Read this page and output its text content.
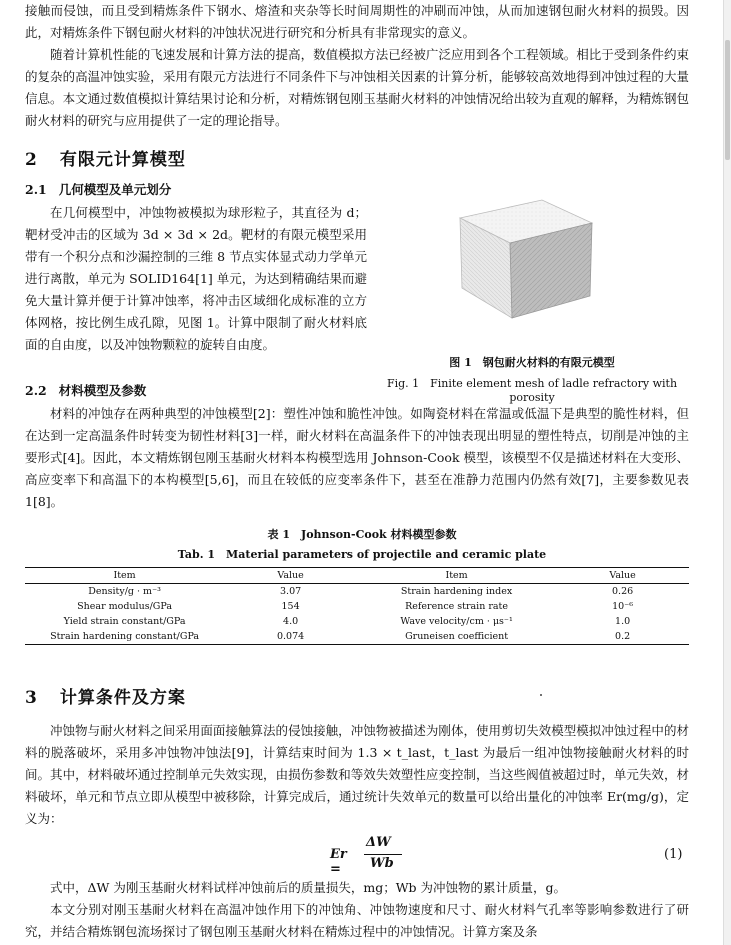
接触而侵蚀，而且受到精炼条件下钢水、熔渣和夹杂等长时间周期性的冲刷而冲蚀，从而加速钢包耐火材料的损毁。因此，对精炼条件下钢包耐火材料的冲蚀状况进行研究和分析具有非常现实的意义。

随着计算机性能的飞速发展和计算方法的提高，数值模拟方法已经被广泛应用到各个工程领域。相比于受到条件约束的复杂的高温冲蚀实验，采用有限元方法进行不同条件下与冲蚀相关因素的计算分析，能够较高效地得到冲蚀过程的大量信息。本文通过数值模拟计算结果讨论和分析，对精炼钢包刚玉基耐火材料的冲蚀情况给出较为直观的解释，为精炼钢包耐火材料的研究与应用提供了一定的理论指导。

2 有限元计算模型
2.1 几何模型及单元划分

在几何模型中，冲蚀物被模拟为球形粒子，其直径为 d；靶材受冲击的区域为 3d × 3d × 2d。靶材的有限元模型采用带有一个积分点和沙漏控制的三维 8 节点实体显式动力学单元进行离散，单元为 SOLID164[1] 单元，为达到精确结果而避免大量计算并便于计算冲蚀率，将冲击区域细化成标准的立方体网格，按比例生成孔隙，见图 1。计算中限制了耐火材料底面的自由度，以及冲蚀物颗粒的旋转自由度。

图 1　钢包耐火材料的有限元模型

Fig. 1　Finite element mesh of ladle refractory with porosity

2.2 材料模型及参数

材料的冲蚀存在两种典型的冲蚀模型[2]：塑性冲蚀和脆性冲蚀。如陶瓷材料在常温或低温下是典型的脆性材料，但在达到一定高温条件时转变为韧性材料[3]一样，耐火材料在高温条件下的冲蚀表现出明显的塑性特点，切削是冲蚀的主要形式[4]。因此，本文精炼钢包刚玉基耐火材料本构模型选用 Johnson-Cook 模型，该模型不仅是描述材料在大变形、高应变率下和高温下的本构模型[5,6]，而且在较低的应变率条件下，甚至在准静力范围内仍然有效[7]，主要参数见表 1[8]。

表 1　Johnson-Cook 材料模型参数

Tab. 1　Material parameters of projectile and ceramic plate

Item	Value	Item	Value
Density/g · m⁻³	3.07	Strain hardening index	0.26
Shear modulus/GPa	154	Reference strain rate	10⁻⁶
Yield strain constant/GPa	4.0	Wave velocity/cm · μs⁻¹	1.0
Strain hardening constant/GPa	0.074	Gruneisen coefficient	0.2
3 计算条件及方案

冲蚀物与耐火材料之间采用面面接触算法的侵蚀接触，冲蚀物被描述为刚体，使用剪切失效模型模拟冲蚀过程中的材料的脱落破坏，采用多冲蚀物冲蚀法[9]，计算结束时间为 1.3 × t_last，t_last 为最后一组冲蚀物接触耐火材料的时间。其中，材料破坏通过控制单元失效实现，由损伤参数和等效失效塑性应变控制，当这些阀值被超过时，单元失效，材料破坏，单元和节点立即从模型中被移除，计算完成后，通过统计失效单元的数量可以给出量化的冲蚀率 Er(mg/g)，定义为：

Er =
ΔW
Wb
(1)

式中，ΔW 为刚玉基耐火材料试样冲蚀前后的质量损失，mg；Wb 为冲蚀物的累计质量，g。

本文分别对刚玉基耐火材料在高温冲蚀作用下的冲蚀角、冲蚀物速度和尺寸、耐火材料气孔率等影响参数进行了研究，并结合精炼钢包流场探讨了钢包刚玉基耐火材料在精炼过程中的冲蚀情况。计算方案及条
